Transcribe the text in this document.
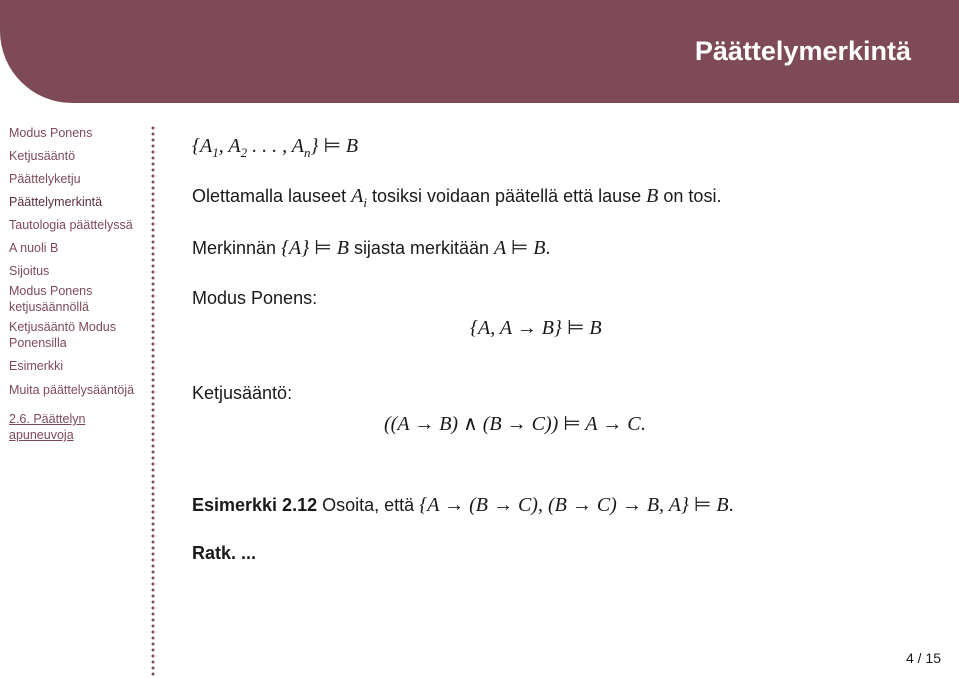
Päättelymerkintä
Modus Ponens
Ketjusääntö
Päättelyketju
Päättelymerkintä
Tautologia päättelyssä
A nuoli B
Sijoitus
Modus Ponens ketjusäännöllä
Ketjusääntö Modus Ponensilla
Esimerkki
Muita päättelysääntöjä
2.6. Päättelyn apuneuvoja
{$A_1$, $A_2$ . . . , $A_n$} ⊨ B
Olettamalla lauseet $A_i$ tosiksi voidaan päätellä että lause B on tosi.
Merkinnän {A} ⊨ B sijasta merkitään A ⊨ B.
Modus Ponens:
{A, A → B} ⊨ B
Ketjusääntö:
((A → B) ∧ (B → C)) ⊨ A → C.
Esimerkki 2.12 Osoita, että {A → (B → C), (B → C) → B, A} ⊨ B.
Ratk. ...
4 / 15
